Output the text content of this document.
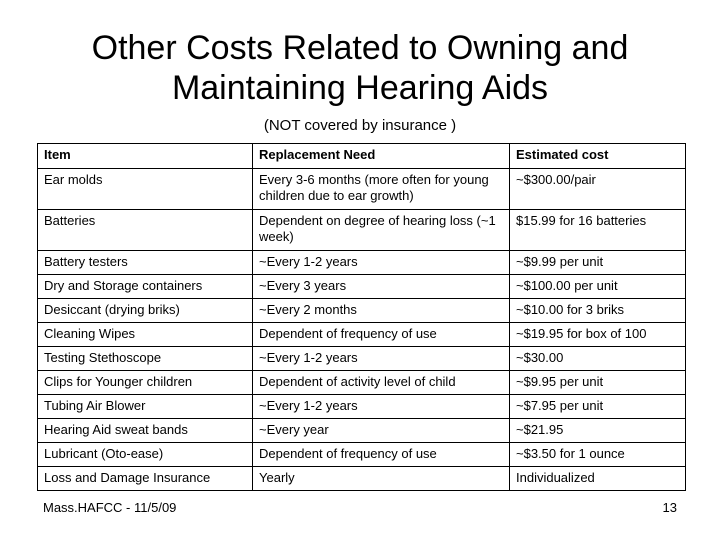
Other Costs Related to Owning and
Maintaining Hearing Aids
(NOT covered by insurance )
Item	Replacement Need	Estimated cost
Ear molds	Every 3-6 months (more often for young children due to ear growth)	~$300.00/pair
Batteries	Dependent on degree of hearing loss (~1 week)	$15.99 for 16 batteries
Battery testers	~Every 1-2 years	~$9.99 per unit
Dry and Storage containers	~Every 3 years	~$100.00 per unit
Desiccant (drying briks)	~Every 2 months	~$10.00 for 3 briks
Cleaning Wipes	Dependent of frequency of use	~$19.95 for box of 100
Testing Stethoscope	~Every 1-2 years	~$30.00
Clips for Younger children	Dependent of activity level of child	~$9.95 per unit
Tubing Air Blower	~Every 1-2 years	~$7.95 per unit
Hearing Aid sweat bands	~Every year	~$21.95
Lubricant (Oto-ease)	Dependent of frequency of use	~$3.50 for 1 ounce
Loss and Damage Insurance	Yearly	Individualized
Mass.HAFCC - 11/5/09	13
